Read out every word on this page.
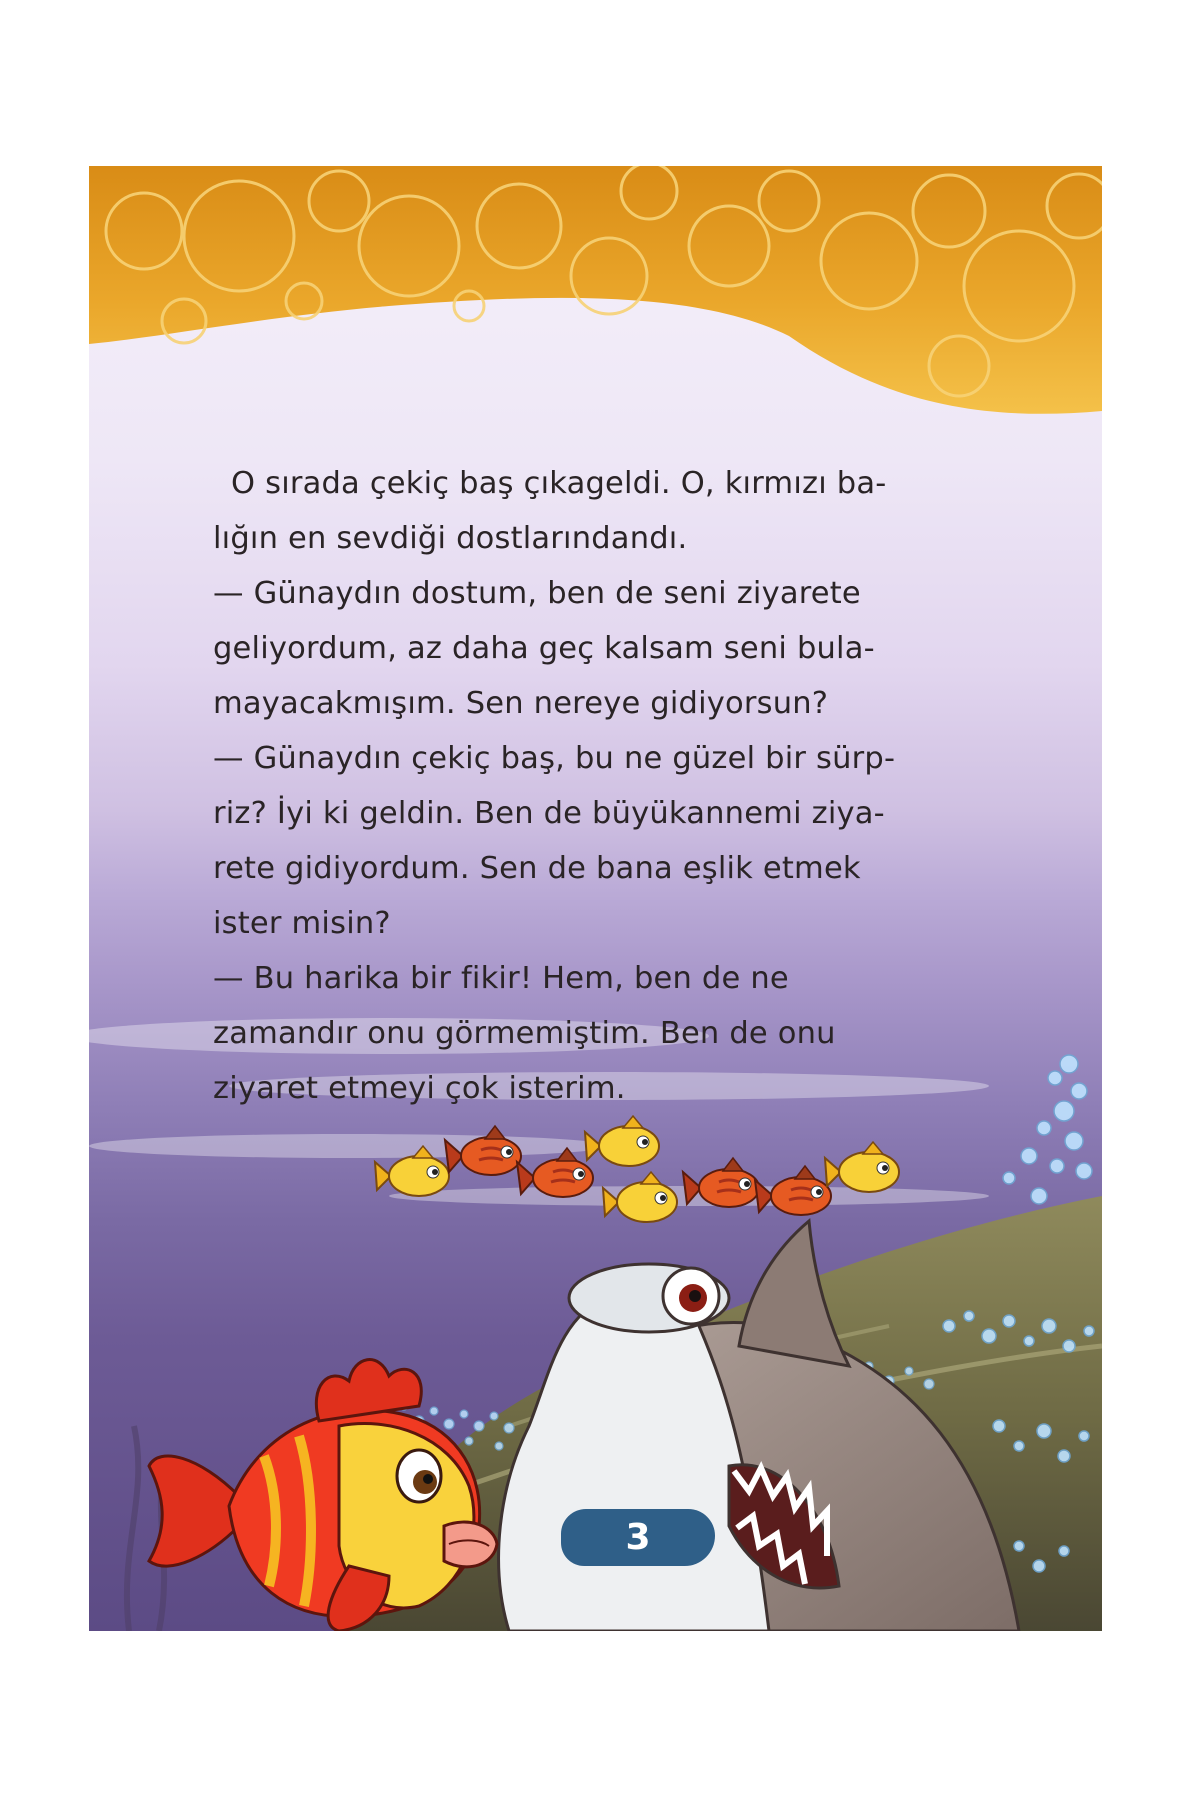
O sırada çekiç baş çıkageldi. O, kırmızı ba-
lığın en sevdiği dostlarındandı.
— Günaydın dostum, ben de seni ziyarete
geliyordum, az daha geç kalsam seni bula-
mayacakmışım. Sen nereye gidiyorsun?
— Günaydın çekiç baş, bu ne güzel bir sürp-
riz? İyi ki geldin. Ben de büyükannemi ziya-
rete gidiyordum. Sen de bana eşlik etmek
ister misin?
— Bu harika bir fikir! Hem, ben de ne
zamandır onu görmemiştim. Ben de onu
ziyaret etmeyi çok isterim.
3
